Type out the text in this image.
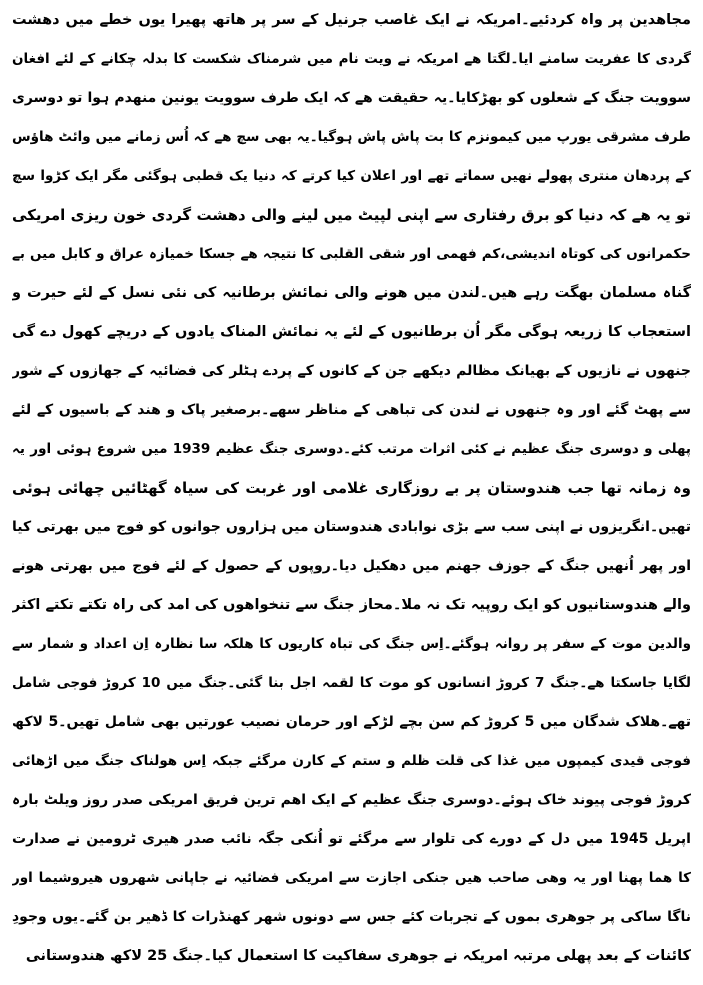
مجاھدین پر واہ کردئیے۔امریکہ نے ایک غاصب جرنیل کے سر پر ھاتھ پھیرا یوں خطے میں دھشت
گردی کا عفریت سامنے ایا۔لگتا ھے امریکہ نے ویت نام میں شرمناک شکست کا بدلہ چکانے کے لئے افغان
سوویت جنگ کے شعلوں کو بھڑکایا۔یہ حقیقت ھے کہ ایک طرف سوویت یونین منھدم ہوا تو دوسری
طرف مشرقی یورپ میں کیمونزم کا بت پاش پاش ہوگیا۔یہ بھی سچ ھے کہ اُس زمانے میں وائٹ ھاؤس
کے پردھان منتری پھولے نھیں سماتے تھے اور اعلان کیا کرتے کہ دنیا یک قطبی ہوگئی مگر ایک کڑوا سچ
تو یہ ھے کہ دنیا کو برق رفتاری سے اپنی لپیٹ میں لینے والی دھشت گردی خون ریزی امریکی
حکمرانوں کی کوتاہ اندیشی،کم فھمی اور شقی القلبی کا نتیجہ ھے جسکا خمیازہ عراق و کابل میں بے
گناہ مسلمان بھگت رہے ھیں۔لندن میں ھونے والی نمائش برطانیہ کی نئی نسل کے لئے حیرت و
استعجاب کا زریعہ ہوگی مگر اُن برطانیوں کے لئے یہ نمائش المناک یادوں کے دریچے کھول دے گی
جنھوں نے نازیوں کے بھیانک مظالم دیکھے جن کے کانوں کے پردے ہٹلر کی فضائیہ کے جھازوں کے شور
سے پھٹ گئے اور وہ جنھوں نے لندن کی تباھی کے مناظر سھے۔برصغیر پاک و ھند کے باسیوں کے لئے
پھلی و دوسری جنگ عظیم نے کئی اثرات مرتب کئے۔دوسری جنگ عظیم 1939 میں شروع ہوئی اور یہ
وہ زمانہ تھا جب ھندوستان پر بے روزگاری غلامی اور غربت کی سیاہ گھٹائیں چھائی ہوئی
تھیں۔انگریزوں نے اپنی سب سے بڑی نوابادی ھندوستان میں ہزاروں جوانوں کو فوج میں بھرتی کیا
اور پھر اُنھیں جنگ کے جوزف جھنم میں دھکیل دیا۔روپوں کے حصول کے لئے فوج میں بھرتی ھونے
والے ھندوستانیوں کو ایک روپیہ تک نہ ملا۔محاز جنگ سے تنخواھوں کی امد کی راہ تکتے تکتے اکثر
والدین موت کے سفر پر روانہ ہوگئے۔اِس جنگ کی تباہ کاریوں کا ھلکہ سا نظارہ اِن اعداد و شمار سے
لگایا جاسکتا ھے۔جنگ 7 کروڑ انسانوں کو موت کا لقمہ اجل بنا گئی۔جنگ میں 10 کروڑ فوجی شامل
تھے۔ھلاک شدگان میں 5 کروڑ کم سن بچے لڑکے اور حرمان نصیب عورتیں بھی شامل تھیں۔5 لاکھ
فوجی قیدی کیمپوں میں غذا کی قلت ظلم و ستم کے کارن مرگئے جبکہ اِس ھولناک جنگ میں اڑھائی
کروڑ فوجی پیوند خاک ہوئے۔دوسری جنگ عظیم کے ایک اھم ترین فریق امریکی صدر روز ویلٹ بارہ
اپریل 1945 میں دل کے دورے کی تلوار سے مرگئے تو اُنکی جگہ نائب صدر ھیری ٹرومین نے صدارت
کا ھما پھنا اور یہ وھی صاحب ھیں جنکی اجازت سے امریکی فضائیہ نے جاپانی شھروں ھیروشیما اور
ناگا ساکی پر جوھری بموں کے تجربات کئے جس سے دونوں شھر کھنڈرات کا ڈھیر بن گئے۔یوں وجودِ
کائنات کے بعد پھلی مرتبہ امریکہ نے جوھری سفاکیت کا استعمال کیا۔جنگ 25 لاکھ ھندوستانی
